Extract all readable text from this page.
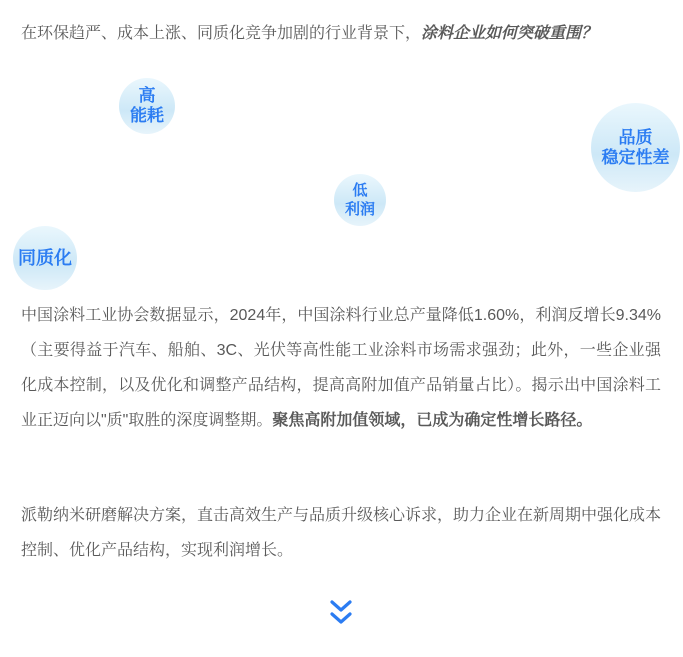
在环保趋严、成本上涨、同质化竞争加剧的行业背景下，涂料企业如何突破重围？

高
能耗
品质
稳定性差
低
利润
同质化

中国涂料工业协会数据显示，2024年，中国涂料行业总产量降低1.60%，利润反增长9.34%（主要得益于汽车、船舶、3C、光伏等高性能工业涂料市场需求强劲；此外，一些企业强化成本控制，以及优化和调整产品结构，提高高附加值产品销量占比）。揭示出中国涂料工业正迈向以"质"取胜的深度调整期。聚焦高附加值领域，已成为确定性增长路径。

派勒纳米研磨解决方案，直击高效生产与品质升级核心诉求，助力企业在新周期中强化成本控制、优化产品结构，实现利润增长。
